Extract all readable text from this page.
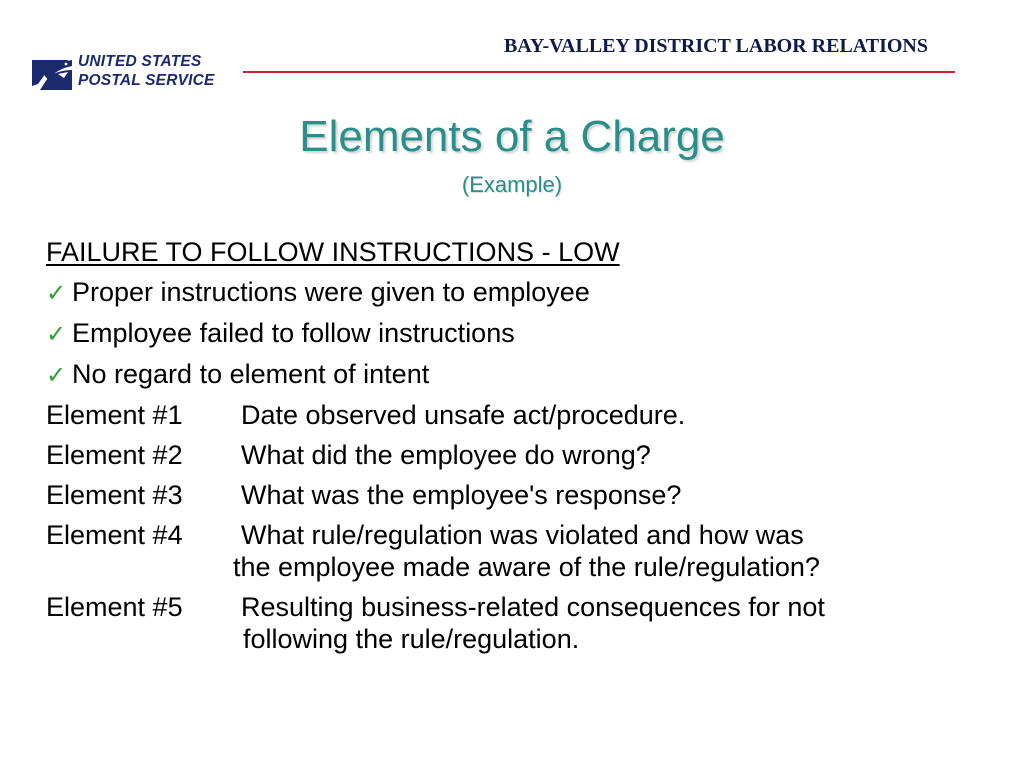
UNITED STATES
POSTAL SERVICE
BAY-VALLEY DISTRICT LABOR RELATIONS
Elements of a Charge
(Example)
FAILURE TO FOLLOW INSTRUCTIONS - LOW
✓ Proper instructions were given to employee
✓ Employee failed to follow instructions
✓ No regard to element of intent
Element #1	Date observed unsafe act/procedure.
Element #2	What did the employee do wrong?
Element #3	What was the employee's response?
Element #4	What rule/regulation was violated and how was
the employee made aware of the rule/regulation?
Element #5	Resulting business-related consequences for not
following the rule/regulation.
